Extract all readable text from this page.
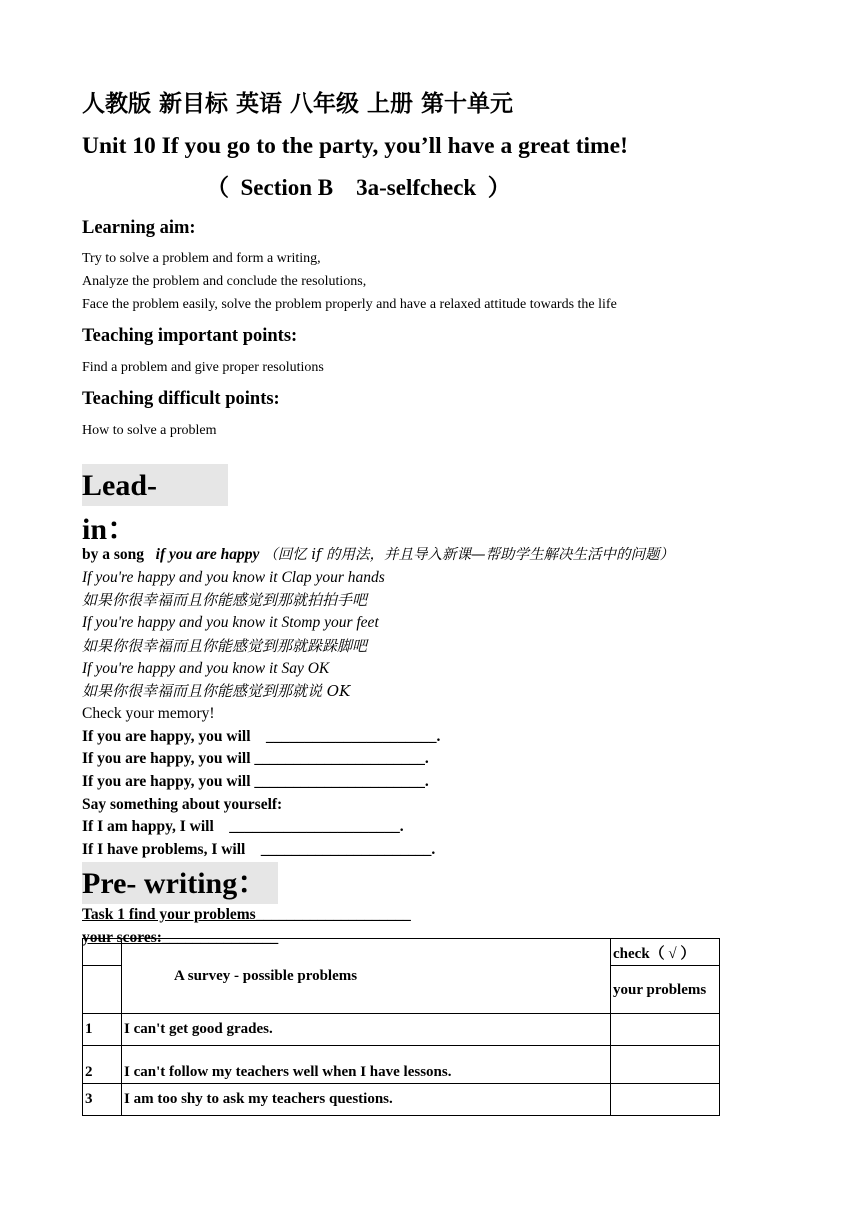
人教版 新目标 英语 八年级 上册 第十单元

Unit 10 If you go to the party, you’ll have a great time!

（  Section B    3a-selfcheck  ）

Learning aim:

Try to solve a problem and form a writing,

Analyze the problem and conclude the resolutions,

Face the problem easily, solve the problem properly and have a relaxed attitude towards the life

Teaching important points:

Find a problem and give proper resolutions

Teaching difficult points:

How to solve a problem

Lead- in：

by a song   if you are happy （回忆 if 的用法，并且导入新课—帮助学生解决生活中的问题）

If you're happy and you know it Clap your hands

如果你很幸福而且你能感觉到那就拍拍手吧

If you're happy and you know it Stomp your feet

如果你很幸福而且你能感觉到那就跺跺脚吧

If you're happy and you know it Say OK

如果你很幸福而且你能感觉到那就说 OK

Check your memory!

If you are happy, you will    ______________________.

If you are happy, you will ______________________.

If you are happy, you will ______________________.

Say something about yourself:

If I am happy, I will    ______________________.

If I have problems, I will    ______________________.

Pre- writing：

Task 1 find your problems____________________

your scores:_______________

	A survey - possible problems	check（ √ ）
		your problems
1	I can't get good grades.	
2	I can't follow my teachers well when I have lessons.	
3	I am too shy to ask my teachers questions.	
